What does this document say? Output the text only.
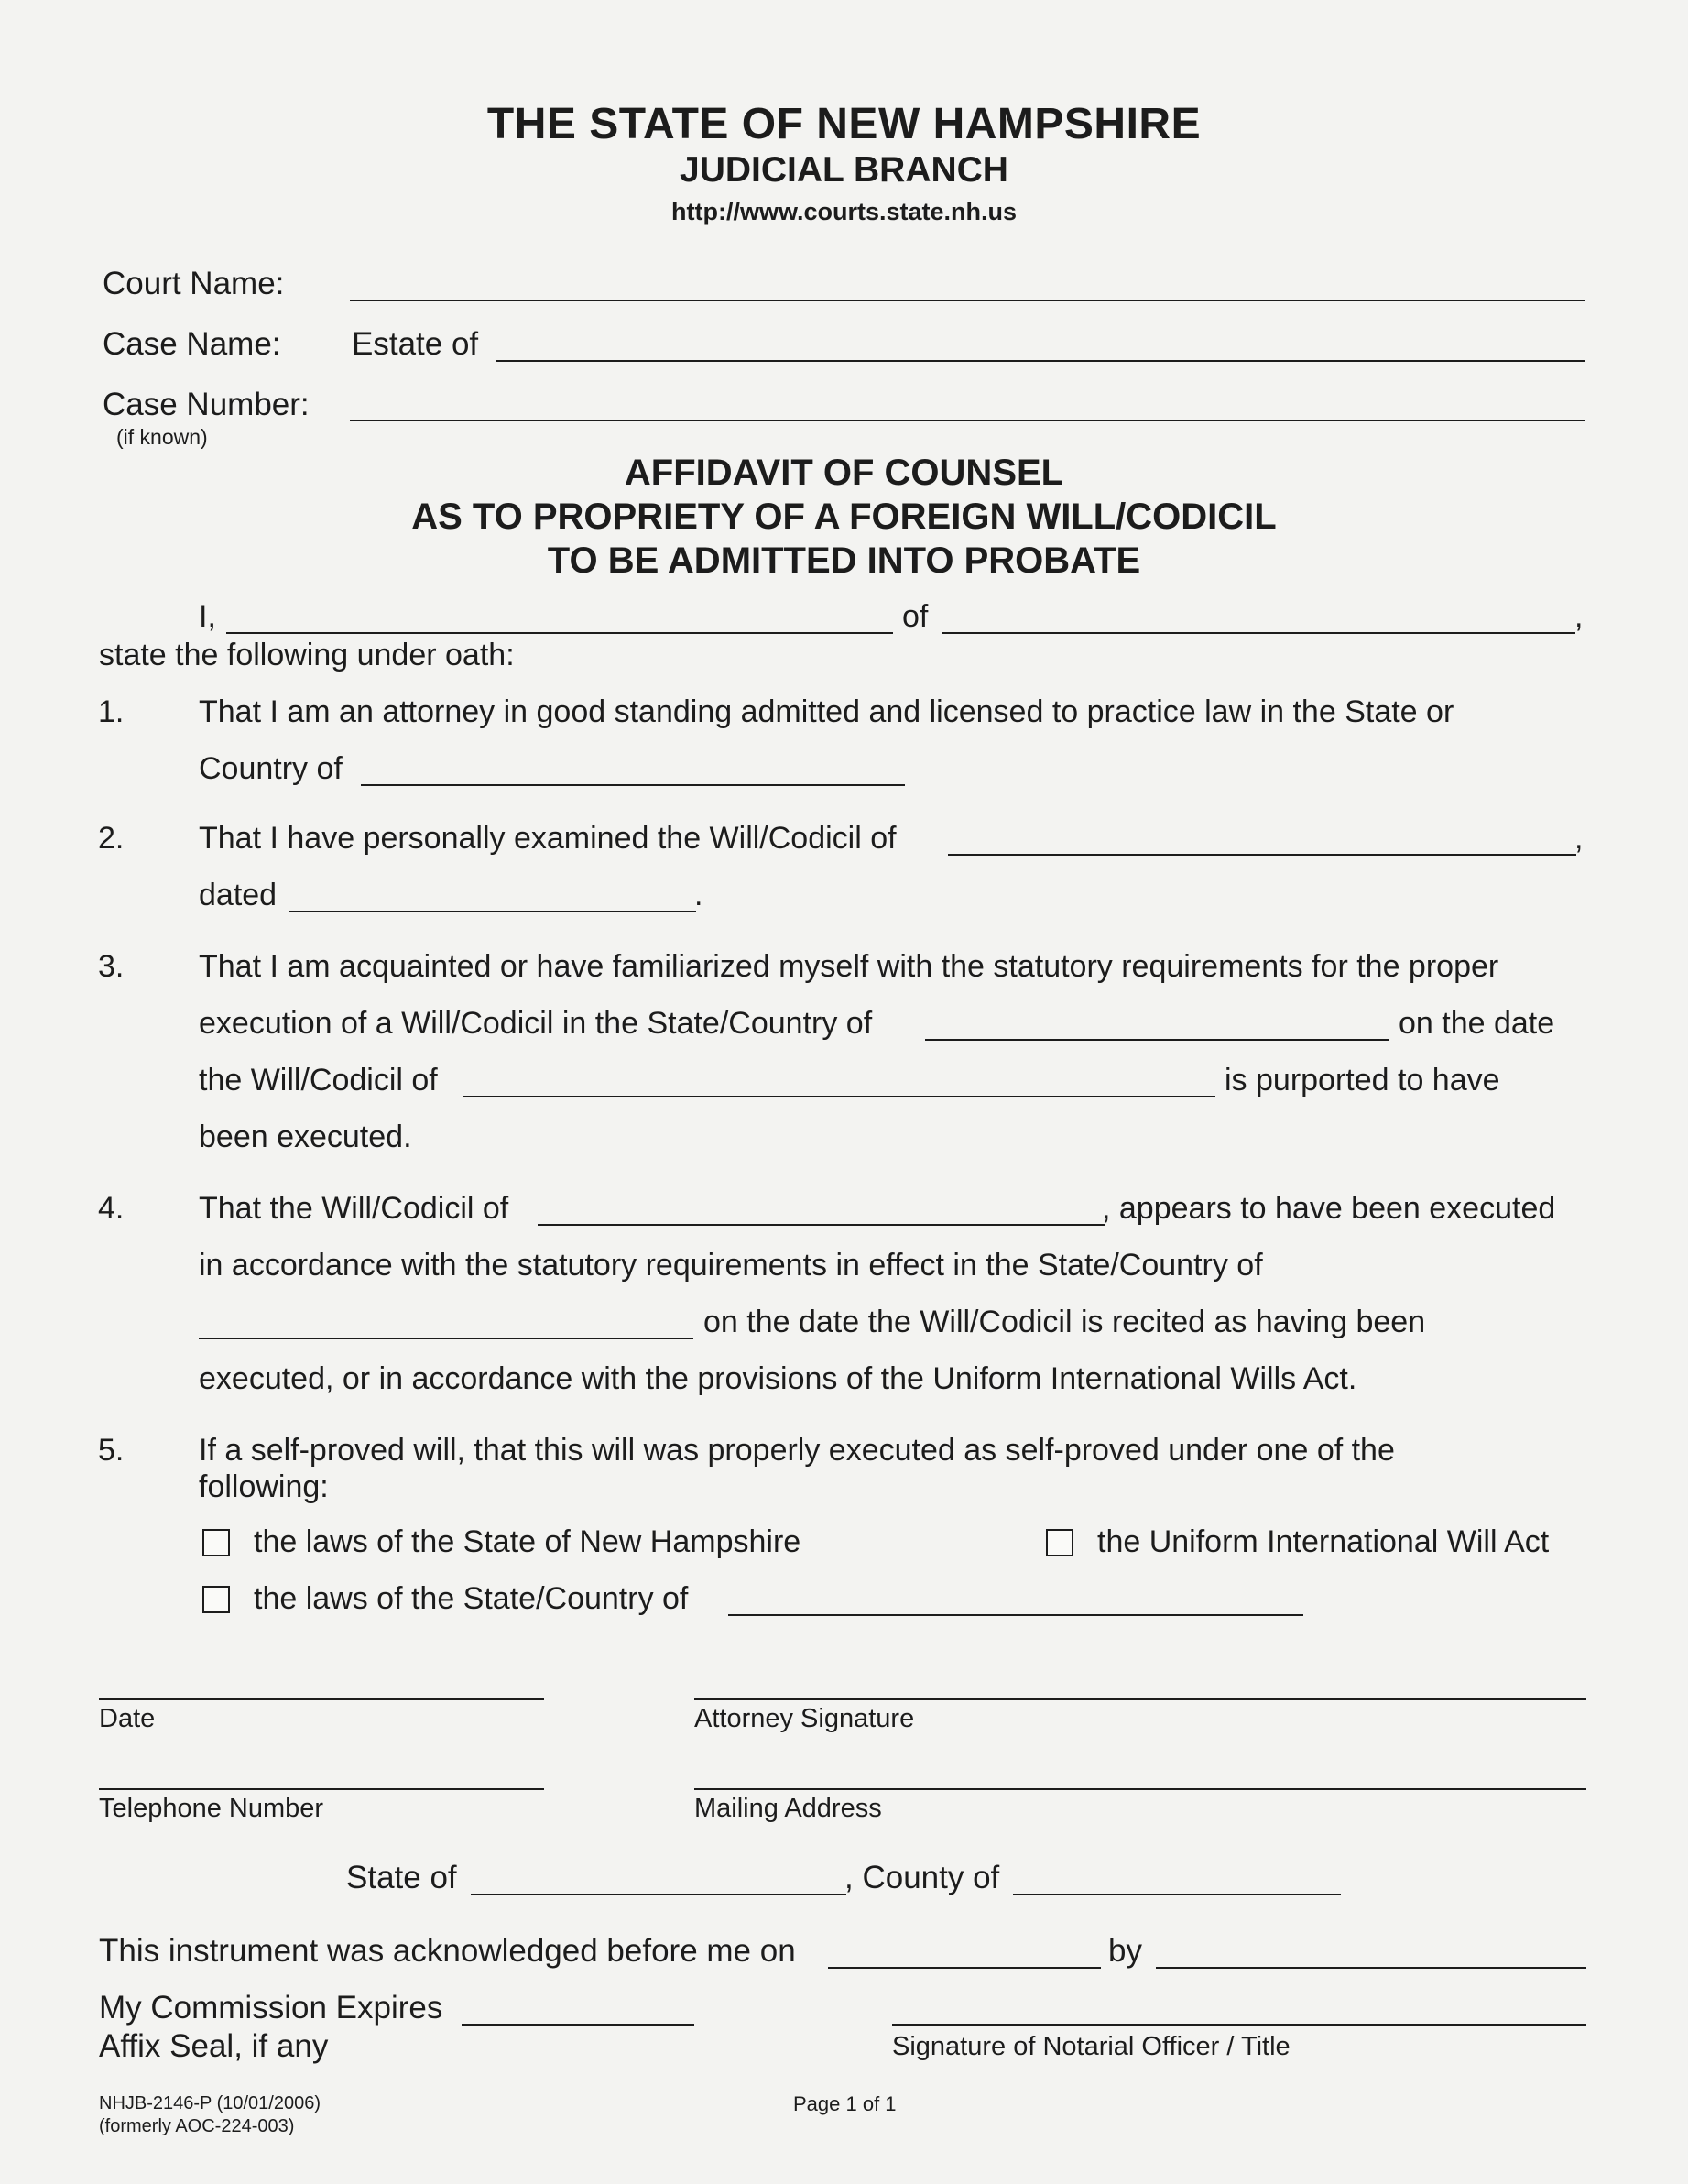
THE STATE OF NEW HAMPSHIRE
JUDICIAL BRANCH
http://www.courts.state.nh.us
Court Name:
Case Name: Estate of
Case Number:
(if known)
AFFIDAVIT OF COUNSEL
AS TO PROPRIETY OF A FOREIGN WILL/CODICIL
TO BE ADMITTED INTO PROBATE
I,	of	,
state the following under oath:
1. That I am an attorney in good standing admitted and licensed to practice law in the State or
Country of
2. That I have personally examined the Will/Codicil of	,
dated	.
3. That I am acquainted or have familiarized myself with the statutory requirements for the proper
execution of a Will/Codicil in the State/Country of	on the date
the Will/Codicil of	is purported to have
been executed.
4. That the Will/Codicil of	, appears to have been executed
in accordance with the statutory requirements in effect in the State/Country of
on the date the Will/Codicil is recited as having been
executed, or in accordance with the provisions of the Uniform International Wills Act.
5. If a self-proved will, that this will was properly executed as self-proved under one of the
following:
the laws of the State of New Hampshire	the Uniform International Will Act
the laws of the State/Country of
Date	Attorney Signature
Telephone Number	Mailing Address
State of	, County of
This instrument was acknowledged before me on	by
My Commission Expires
Affix Seal, if any	Signature of Notarial Officer / Title
NHJB-2146-P (10/01/2006)
(formerly AOC-224-003)
Page 1 of 1
